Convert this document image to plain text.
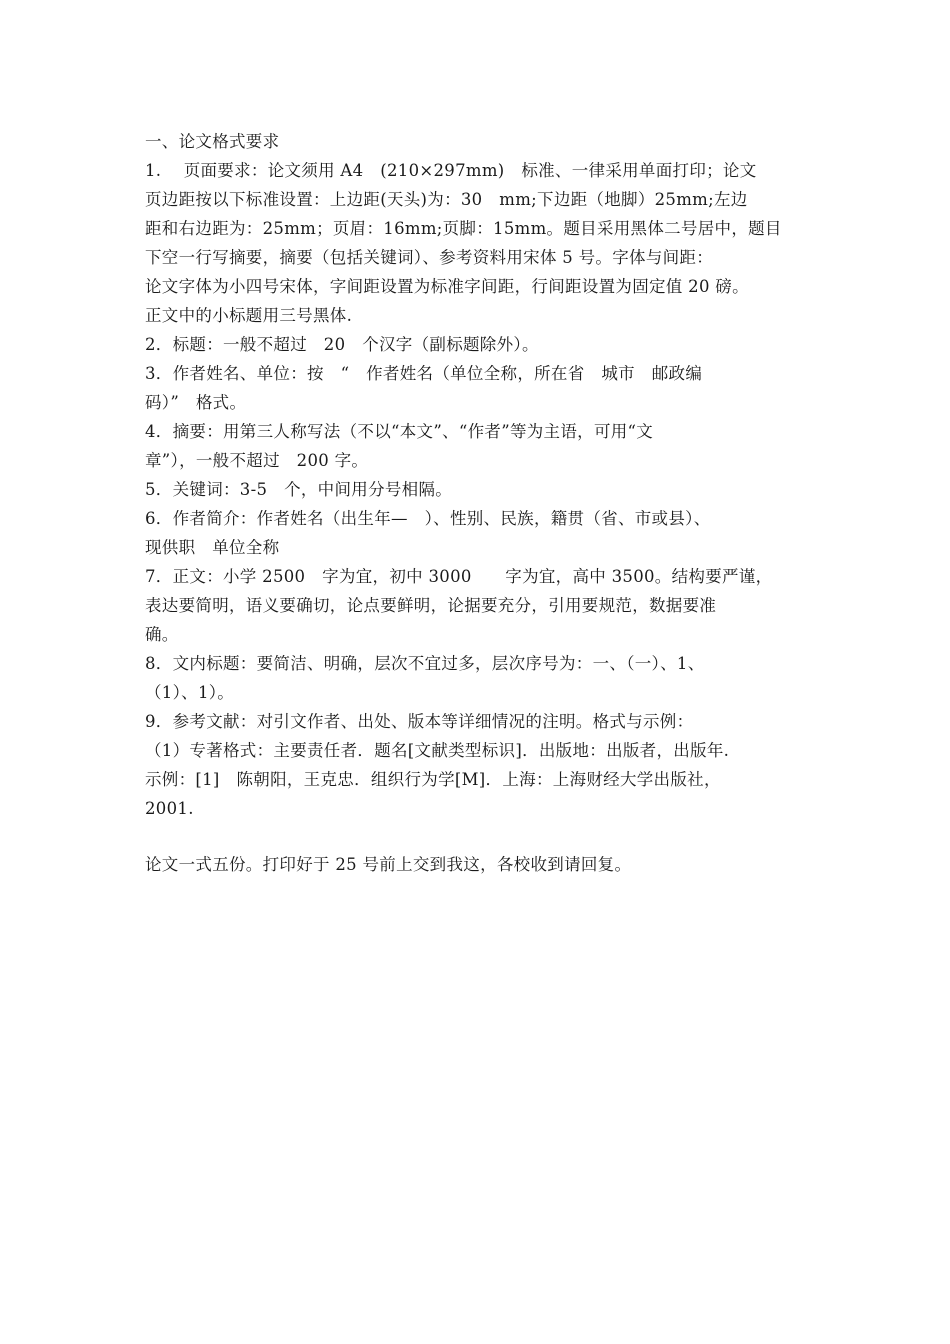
一、论文格式要求
1.　 页面要求：论文须用 A4　(210×297mm)　标准、一律采用单面打印；论文
页边距按以下标准设置：上边距(天头)为：30　mm;下边距（地脚）25mm;左边
距和右边距为：25mm；页眉：16mm;页脚：15mm。题目采用黑体二号居中，题目
下空一行写摘要，摘要（包括关键词）、参考资料用宋体 5 号。字体与间距：
论文字体为小四号宋体，字间距设置为标准字间距，行间距设置为固定值 20 磅。
正文中的小标题用三号黑体.
2．标题：一般不超过　20　个汉字（副标题除外）。
3．作者姓名、单位：按　“　作者姓名（单位全称，所在省　城市　邮政编
码）”　格式。
4．摘要：用第三人称写法（不以“本文”、“作者”等为主语，可用“文
章”），一般不超过　200 字。
5．关键词：3-5　个，中间用分号相隔。
6．作者简介：作者姓名（出生年—　）、性别、民族，籍贯（省、市或县）、
现供职　单位全称
7．正文：小学 2500　字为宜，初中 3000　　字为宜，高中 3500。结构要严谨，
表达要简明，语义要确切，论点要鲜明，论据要充分，引用要规范，数据要准
确。
8．文内标题：要简洁、明确，层次不宜过多，层次序号为：一、（一）、1、
（1）、1）。
9．参考文献：对引文作者、出处、版本等详细情况的注明。格式与示例：
（1）专著格式：主要责任者．题名[文献类型标识]．出版地：出版者，出版年.
示例：[1]　陈朝阳，王克忠．组织行为学[M]．上海：上海财经大学出版社，
2001.
论文一式五份。打印好于 25 号前上交到我这，各校收到请回复。
